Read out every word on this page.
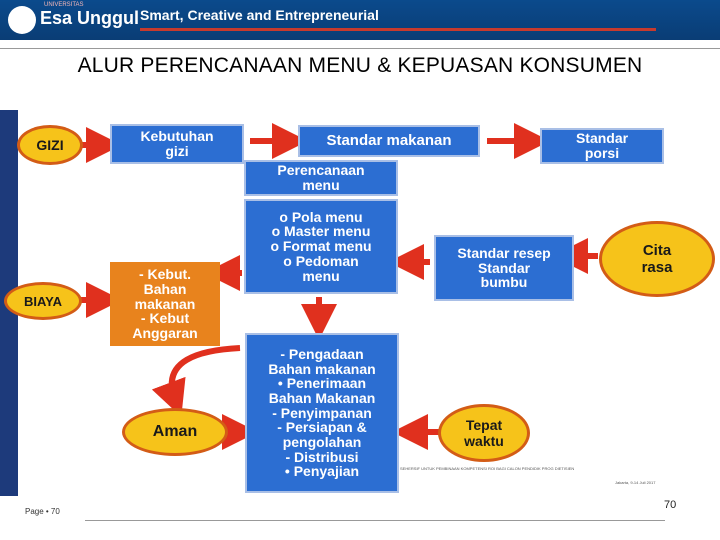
UNIVERSITAS
Esa Unggul Smart, Creative and Entrepreneurial
ALUR PERENCANAAN MENU & KEPUASAN KONSUMEN
GIZI
BIAYA
Aman
Cita
rasa
Tepat
waktu
Kebutuhan
gizi
Standar makanan	Standar
porsi
Perencanaan
menu
o Pola menu
o Master menu
o Format menu
o Pedoman
menu
Standar resep
Standar
bumbu
- Pengadaan
Bahan makanan
• Penerimaan
Bahan Makanan
- Penyimpanan
- Persiapan &
pengolahan
- Distribusi
• Penyajian
- Kebut.
Bahan
makanan
- Kebut
Anggaran
SEHERSIF UNTUK PEMBINAAN KOMPETENSI ROI BAGI CALON PENDIDIK PROG DIETISIEN
Jakarta, 9-14 Juli 2017
Page • 70
70
